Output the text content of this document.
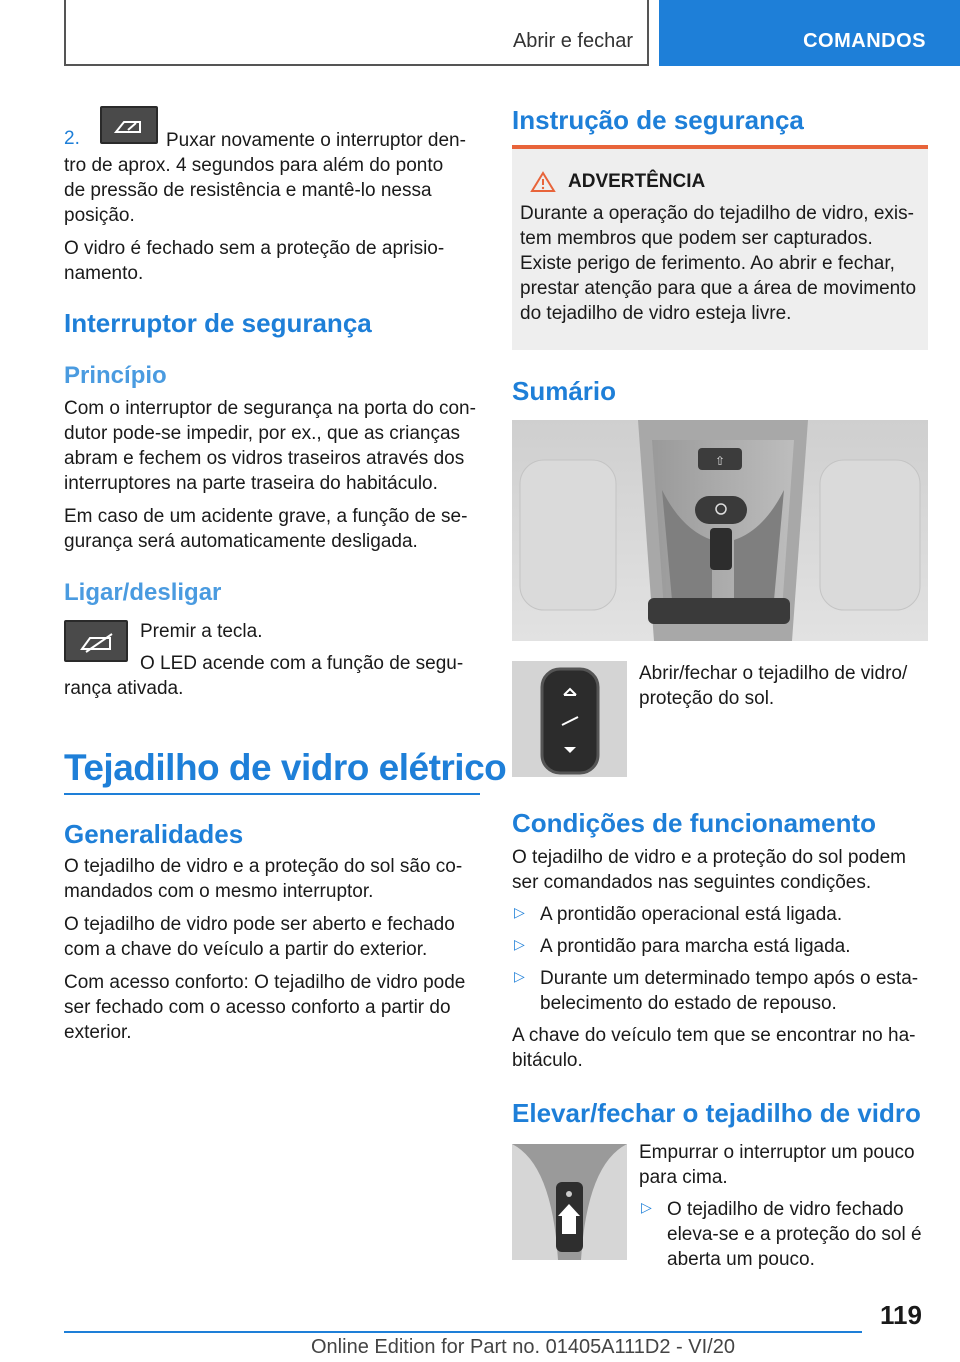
Abrir e fechar	COMANDOS
2.	Puxar novamente o interruptor den-

tro de aprox. 4 segundos para além do ponto

de pressão de resistência e mantê-lo nessa

posição.

O vidro é fechado sem a proteção de aprisio-

namento.

Interruptor de segurança
Princípio

Com o interruptor de segurança na porta do con-

dutor pode-se impedir, por ex., que as crianças

abram e fechem os vidros traseiros através dos

interruptores na parte traseira do habitáculo.

Em caso de um acidente grave, a função de se-

gurança será automaticamente desligada.

Ligar/desligar

Premir a tecla.

O LED acende com a função de segu-

rança ativada.

Tejadilho de vidro elétrico
Generalidades

O tejadilho de vidro e a proteção do sol são co-

mandados com o mesmo interruptor.

O tejadilho de vidro pode ser aberto e fechado

com a chave do veículo a partir do exterior.

Com acesso conforto: O tejadilho de vidro pode

ser fechado com o acesso conforto a partir do

exterior.

Instrução de segurança
ADVERTÊNCIA

Durante a operação do tejadilho de vidro, exis-

tem membros que podem ser capturados.

Existe perigo de ferimento. Ao abrir e fechar,

prestar atenção para que a área de movimento

do tejadilho de vidro esteja livre.

Sumário
⇧

Abrir/fechar o tejadilho de vidro/

proteção do sol.

Condições de funcionamento

O tejadilho de vidro e a proteção do sol podem

ser comandados nas seguintes condições.

▷ A prontidão operacional está ligada.

▷ A prontidão para marcha está ligada.

▷ Durante um determinado tempo após o esta-

belecimento do estado de repouso.

A chave do veículo tem que se encontrar no ha-

bitáculo.

Elevar/fechar o tejadilho de vidro

Empurrar o interruptor um pouco

para cima.

▷ O tejadilho de vidro fechado

eleva-se e a proteção do sol é

aberta um pouco.

119
Online Edition for Part no. 01405A111D2 - VI/20
